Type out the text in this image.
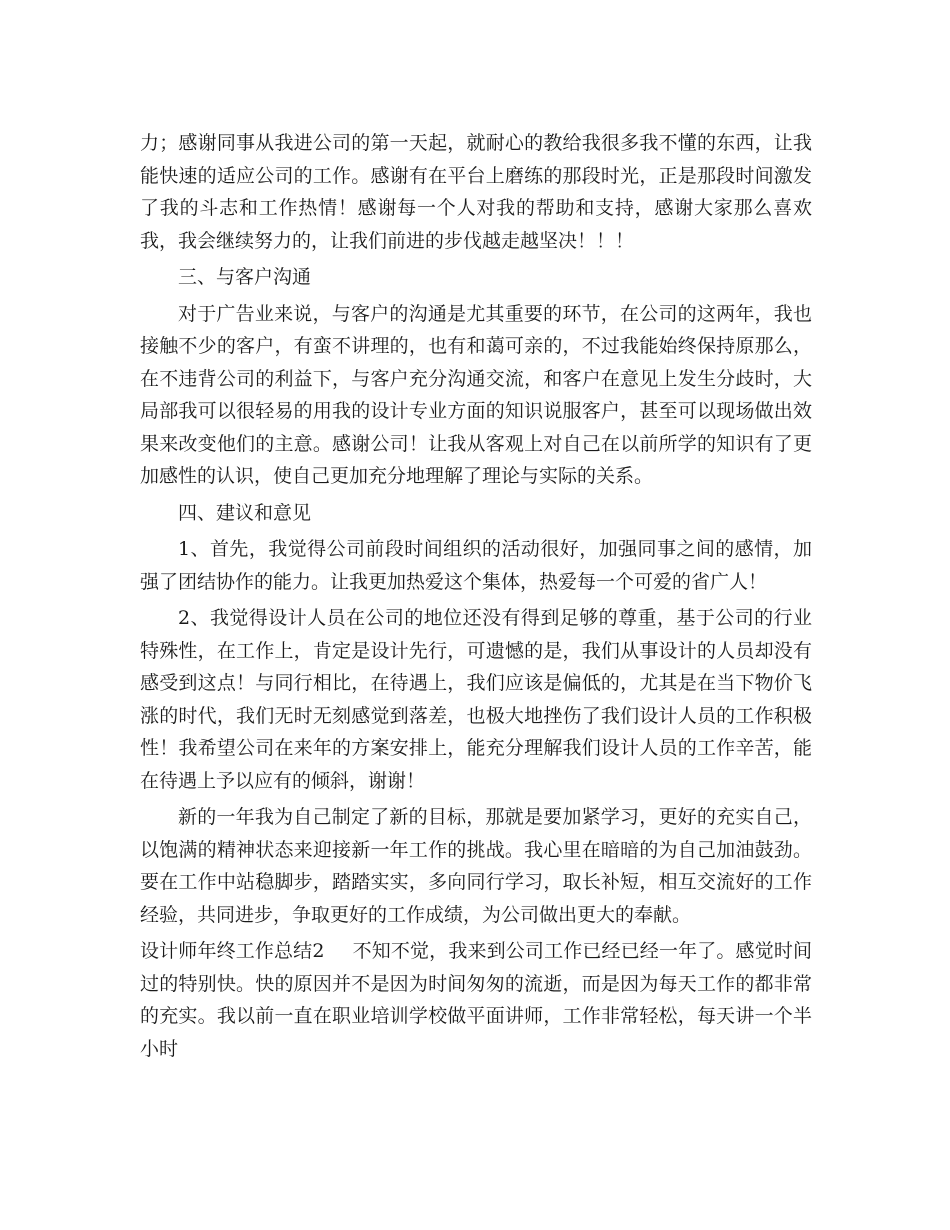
力；感谢同事从我进公司的第一天起，就耐心的教给我很多我不懂的东西，让我能快速的适应公司的工作。感谢有在平台上磨练的那段时光，正是那段时间激发了我的斗志和工作热情！感谢每一个人对我的帮助和支持，感谢大家那么喜欢我，我会继续努力的，让我们前进的步伐越走越坚决！！！

三、与客户沟通

对于广告业来说，与客户的沟通是尤其重要的环节，在公司的这两年，我也接触不少的客户，有蛮不讲理的，也有和蔼可亲的，不过我能始终保持原那么，在不违背公司的利益下，与客户充分沟通交流，和客户在意见上发生分歧时，大局部我可以很轻易的用我的设计专业方面的知识说服客户，甚至可以现场做出效果来改变他们的主意。感谢公司！让我从客观上对自己在以前所学的知识有了更加感性的认识，使自己更加充分地理解了理论与实际的关系。

四、建议和意见

1、首先，我觉得公司前段时间组织的活动很好，加强同事之间的感情，加强了团结协作的能力。让我更加热爱这个集体，热爱每一个可爱的省广人！

2、我觉得设计人员在公司的地位还没有得到足够的尊重，基于公司的行业特殊性，在工作上，肯定是设计先行，可遗憾的是，我们从事设计的人员却没有感受到这点！与同行相比，在待遇上，我们应该是偏低的，尤其是在当下物价飞涨的时代，我们无时无刻感觉到落差，也极大地挫伤了我们设计人员的工作积极性！我希望公司在来年的方案安排上，能充分理解我们设计人员的工作辛苦，能在待遇上予以应有的倾斜，谢谢！

新的一年我为自己制定了新的目标，那就是要加紧学习，更好的充实自己，以饱满的精神状态来迎接新一年工作的挑战。我心里在暗暗的为自己加油鼓劲。要在工作中站稳脚步，踏踏实实，多向同行学习，取长补短，相互交流好的工作经验，共同进步，争取更好的工作成绩，为公司做出更大的奉献。

设计师年终工作总结2 不知不觉，我来到公司工作已经已经一年了。感觉时间过的特别快。快的原因并不是因为时间匆匆的流逝，而是因为每天工作的都非常的充实。我以前一直在职业培训学校做平面讲师，工作非常轻松，每天讲一个半小时
